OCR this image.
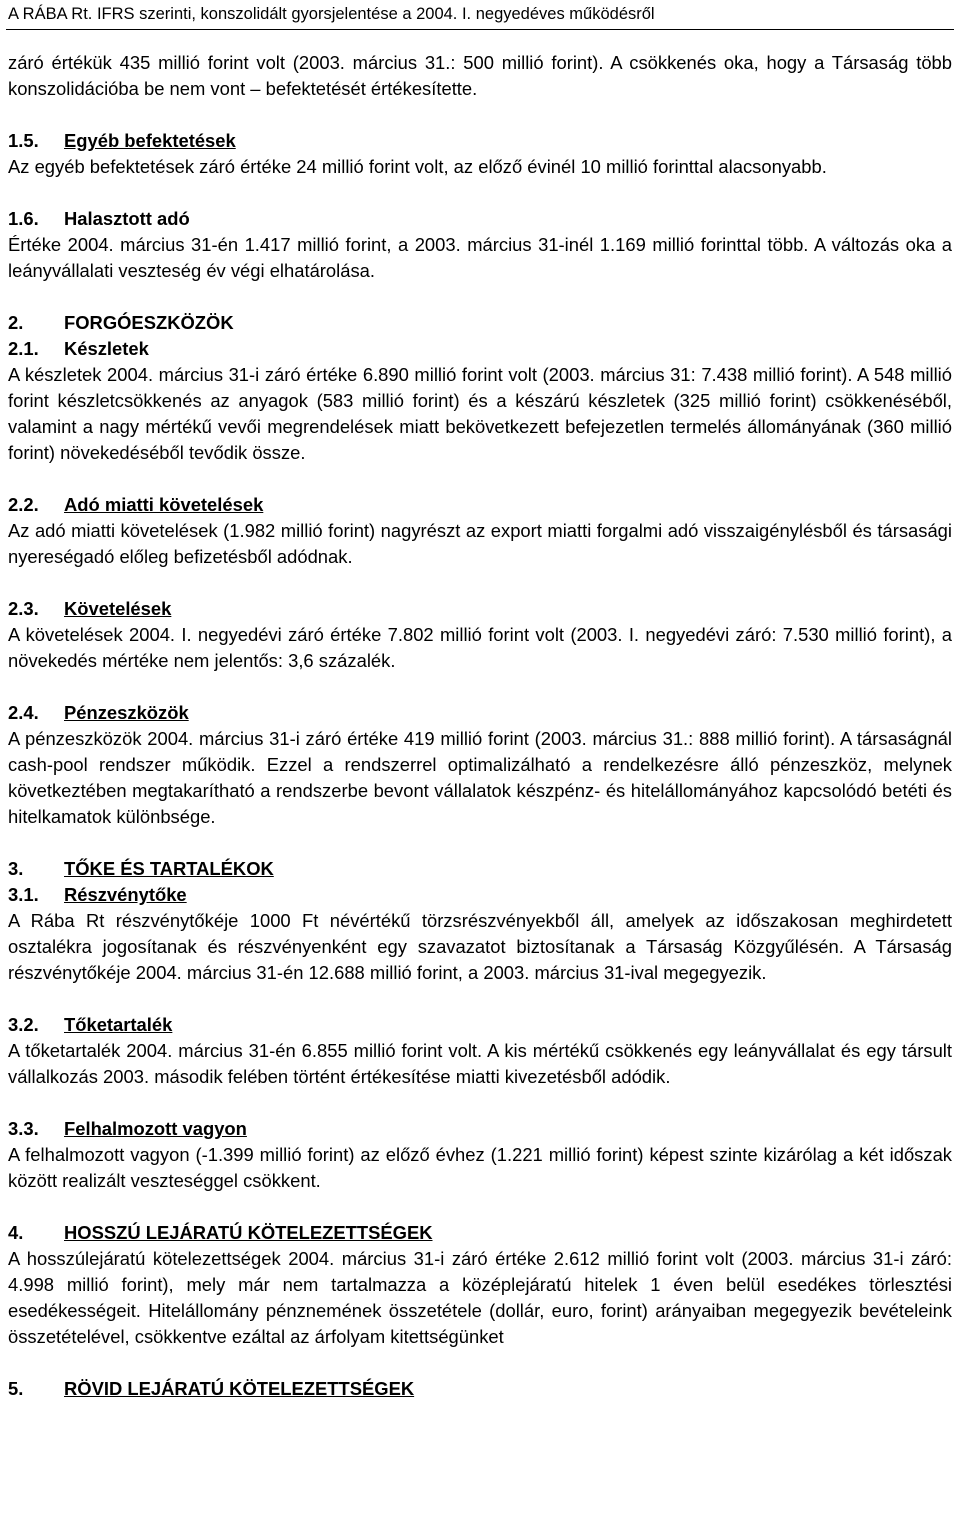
A RÁBA Rt. IFRS szerinti, konszolidált gyorsjelentése a 2004. I. negyedéves működésről

záró értékük 435 millió forint volt (2003. március 31.: 500 millió forint). A csökkenés oka, hogy a Társaság több konszolidációba be nem vont – befektetését értékesítette.

1.5.	Egyéb befektetések

Az egyéb befektetések záró értéke 24 millió forint volt, az előző évinél 10 millió forinttal alacsonyabb.

1.6.	Halasztott adó

Értéke 2004. március 31-én 1.417 millió forint, a 2003. március 31-inél 1.169 millió forinttal több. A változás oka a leányvállalati veszteség év végi elhatárolása.

2.	FORGÓESZKÖZÖK
2.1.	Készletek

A készletek 2004. március 31-i záró értéke 6.890 millió forint volt (2003. március 31: 7.438 millió forint). A 548 millió forint készletcsökkenés az anyagok (583 millió forint) és a készárú készletek (325 millió forint) csökkenéséből, valamint a nagy mértékű vevői megrendelések miatt bekövetkezett befejezetlen termelés állományának (360 millió forint) növekedéséből tevődik össze.

2.2.	Adó miatti követelések

Az adó miatti követelések (1.982 millió forint) nagyrészt az export miatti forgalmi adó visszaigénylésből és társasági nyereségadó előleg befizetésből adódnak.

2.3.	Követelések

A követelések 2004. I. negyedévi záró értéke 7.802 millió forint volt (2003. I. negyedévi záró: 7.530 millió forint), a növekedés mértéke nem jelentős: 3,6 százalék.

2.4.	Pénzeszközök

A pénzeszközök 2004. március 31-i záró értéke 419 millió forint (2003. március 31.: 888 millió forint). A társaságnál cash-pool rendszer működik. Ezzel a rendszerrel optimalizálható a rendelkezésre álló pénzeszköz, melynek következtében megtakarítható a rendszerbe bevont vállalatok készpénz- és hitelállományához kapcsolódó betéti és hitelkamatok különbsége.

3.	TŐKE ÉS TARTALÉKOK
3.1.	Részvénytőke

A Rába Rt részvénytőkéje 1000 Ft névértékű törzsrészvényekből áll, amelyek az időszakosan meghirdetett osztalékra jogosítanak és részvényenként egy szavazatot biztosítanak a Társaság Közgyűlésén. A Társaság részvénytőkéje 2004. március 31-én 12.688 millió forint, a 2003. március 31-ival megegyezik.

3.2.	Tőketartalék

A tőketartalék 2004. március 31-én 6.855 millió forint volt. A kis mértékű csökkenés egy leányvállalat és egy társult vállalkozás 2003. második felében történt értékesítése miatti kivezetésből adódik.

3.3.	Felhalmozott vagyon

A felhalmozott vagyon (-1.399 millió forint) az előző évhez (1.221 millió forint) képest szinte kizárólag a két időszak között realizált veszteséggel csökkent.

4.	HOSSZÚ LEJÁRATÚ KÖTELEZETTSÉGEK

A hosszúlejáratú kötelezettségek 2004. március 31-i záró értéke 2.612 millió forint volt (2003. március 31-i záró: 4.998 millió forint), mely már nem tartalmazza a középlejáratú hitelek 1 éven belül esedékes törlesztési esedékességeit. Hitelállomány pénznemének összetétele (dollár, euro, forint) arányaiban megegyezik bevételeink összetételével, csökkentve ezáltal az árfolyam kitettségünket

5.	RÖVID LEJÁRATÚ KÖTELEZETTSÉGEK
